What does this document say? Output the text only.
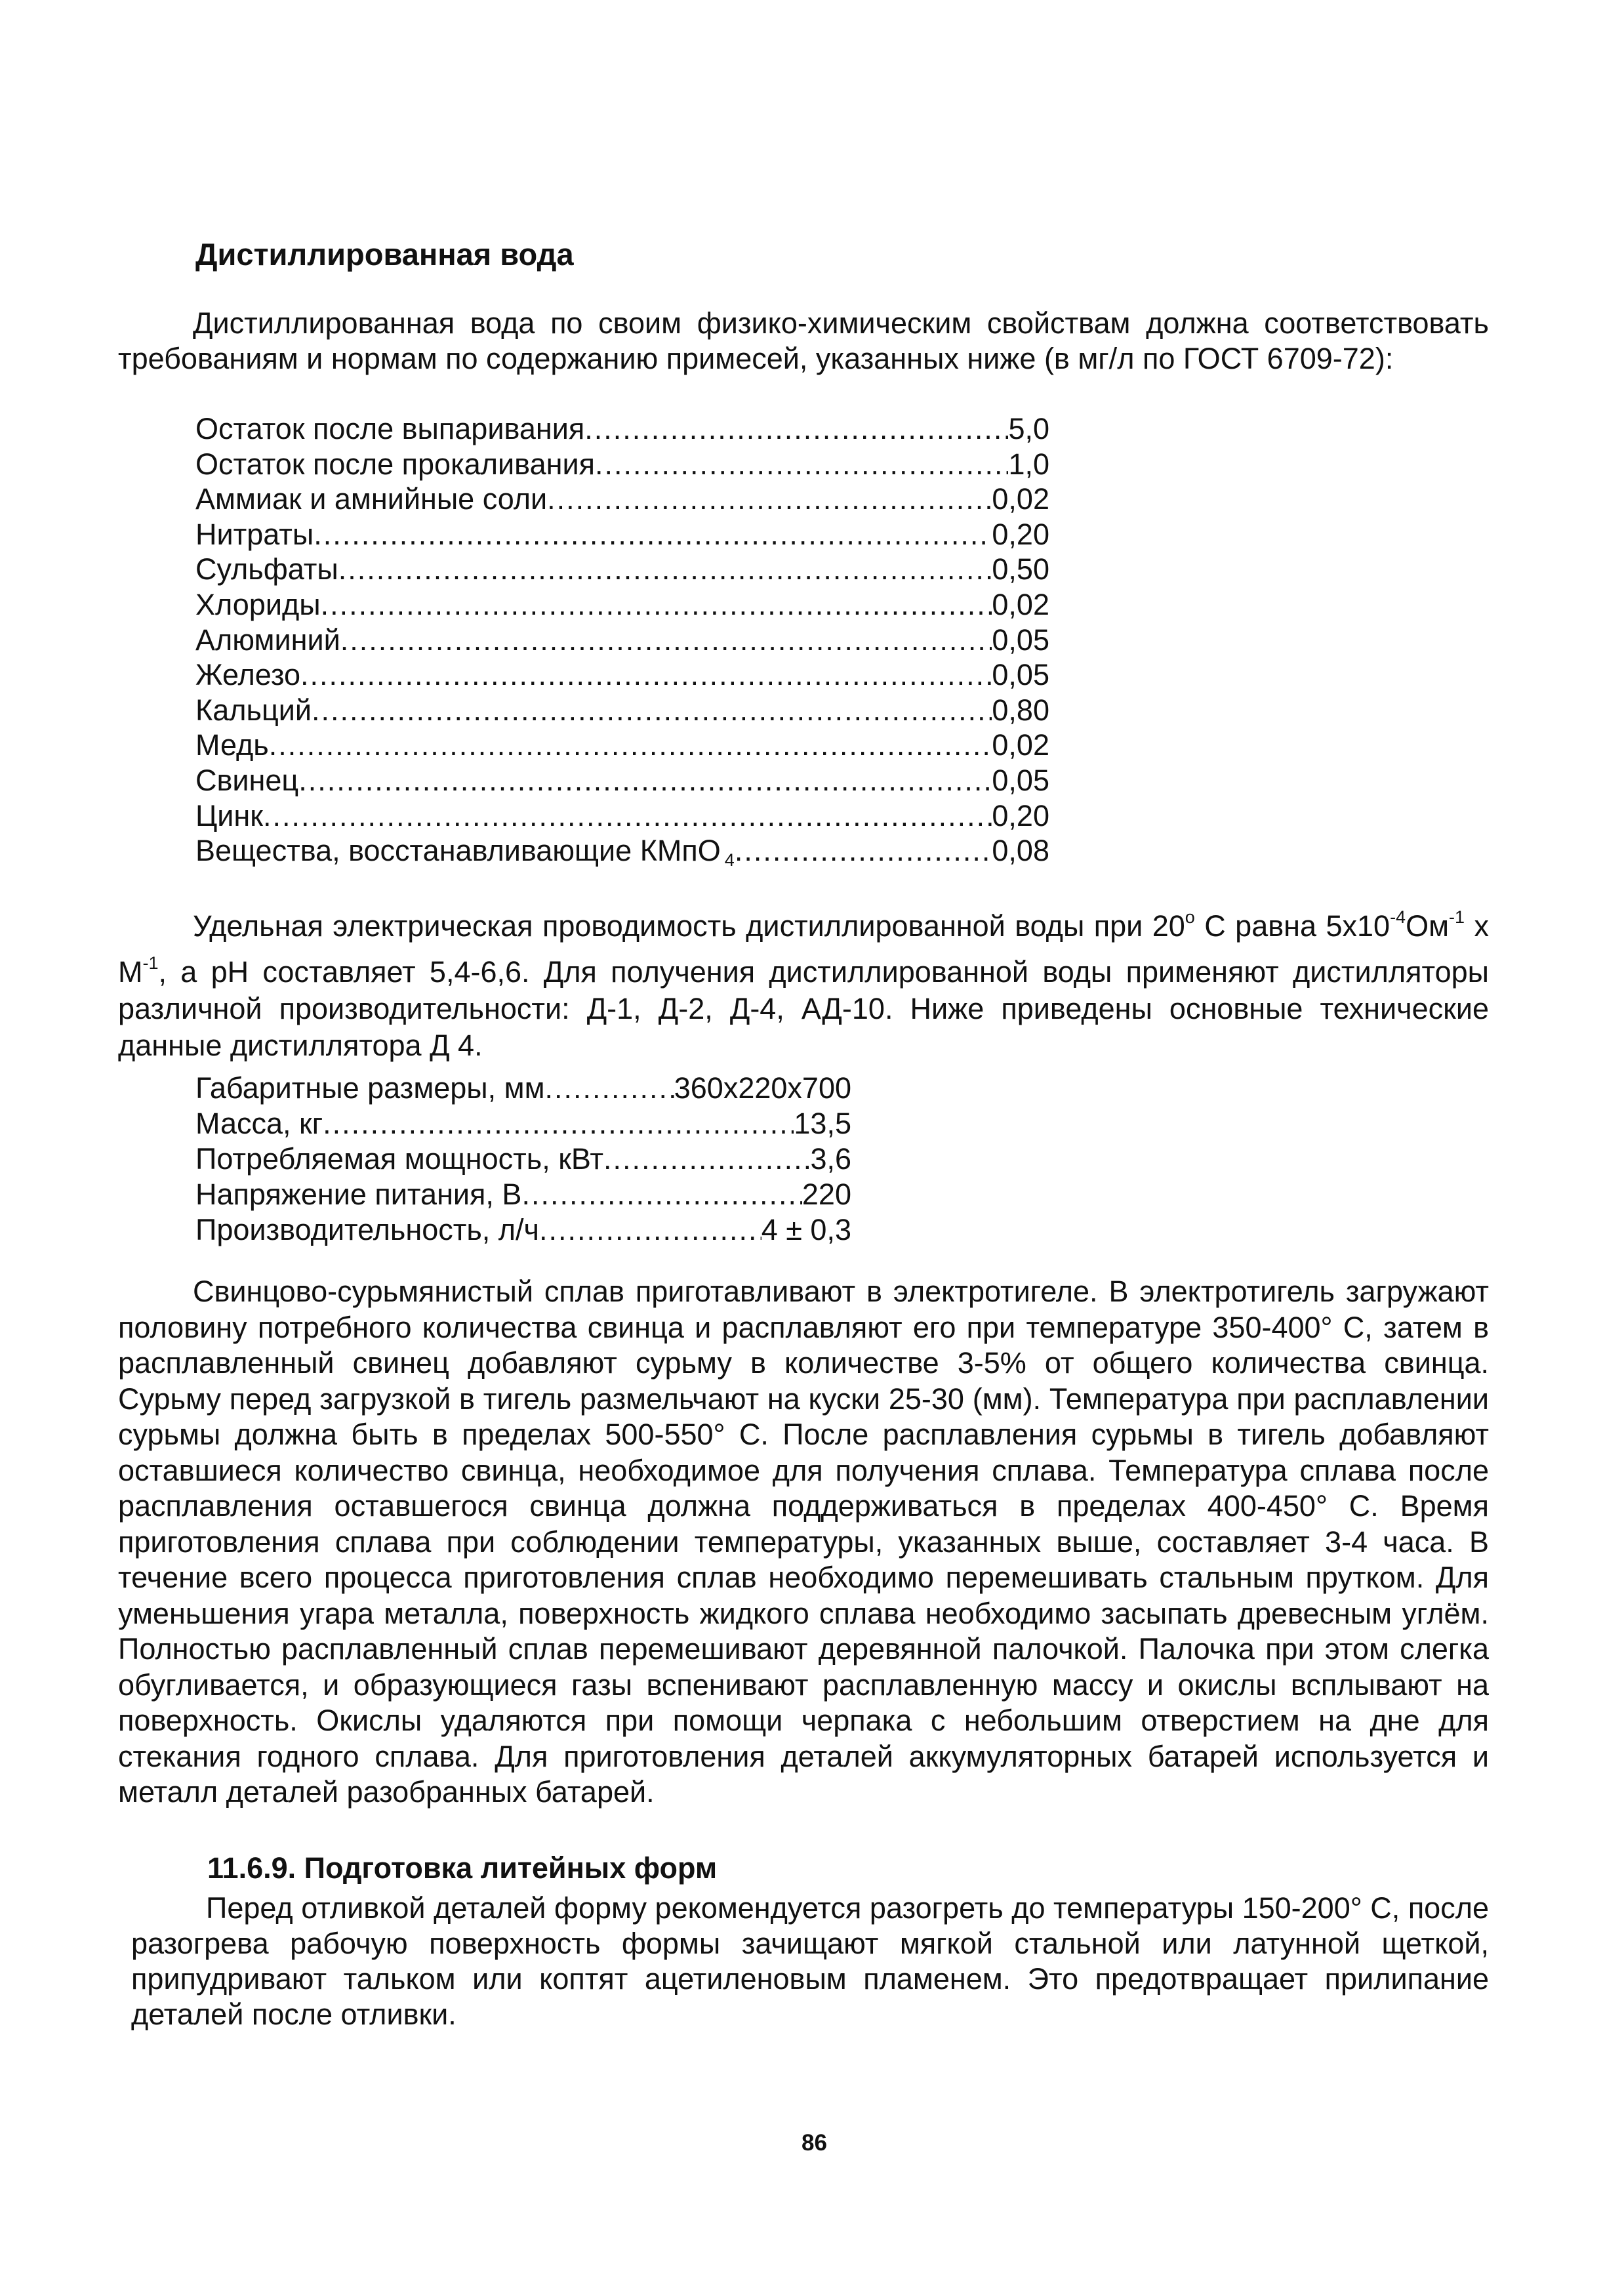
Дистиллированная вода

Дистиллированная вода по своим физико-химическим свойствам должна соответствовать требованиям и нормам по содержанию примесей, указанных ниже (в мг/л по ГОСТ 6709-72):

Остаток после выпаривания .....	5,0
Остаток после прокаливания .....	1,0
Аммиак и амнийные соли .....	0,02
Нитраты .....	0,20
Сульфаты .....	0,50
Хлориды .....	0,02
Алюминий .....	0,05
Железо .....	0,05
Кальций .....	0,80
Медь .....	0,02
Свинец .....	0,05
Цинк .....	0,20
Вещества, восстанавливающие КМпО $_4$ .....	0,08

Удельная электрическая проводимость дистиллированной воды при 20$^o$ С равна $5х10^{-4}Ом^{-1}$ х $М^{-1}$, а рН составляет 5,4-6,6. Для получения дистиллированной воды применяют дистилляторы различной производительности: Д-1, Д-2, Д-4, АД-10. Ниже приведены основные технические данные дистиллятора Д 4.

Габаритные размеры, мм .....	360х220х700
Масса, кг .....	13,5
Потребляемая мощность, кВт .....	3,6
Напряжение питания, В .....	220
Производительность, л/ч .....	4 ± 0,3

Свинцово-сурьмянистый сплав приготавливают в электротигеле. В электротигель загружают половину потребного количества свинца и расплавляют его при температуре 350-400° С, затем в расплавленный свинец добавляют сурьму в количестве 3-5% от общего количества свинца. Сурьму перед загрузкой в тигель размельчают на куски 25-30 (мм). Температура при расплавлении сурьмы должна быть в пределах 500-550° С. После расплавления сурьмы в тигель добавляют оставшиеся количество свинца, необходимое для получения сплава. Температура сплава после расплавления оставшегося свинца должна поддерживаться в пределах 400-450° С. Время приготовления сплава при соблюдении температуры, указанных выше, составляет 3-4 часа. В течение всего процесса приготовления сплав необходимо перемешивать стальным прутком. Для уменьшения угара металла, поверхность жидкого сплава необходимо засыпать древесным углём. Полностью расплавленный сплав перемешивают деревянной палочкой. Палочка при этом слегка обугливается, и образующиеся газы вспенивают расплавленную массу и окислы всплывают на поверхность. Окислы удаляются при помощи черпака с небольшим отверстием на дне для стекания годного сплава. Для приготовления деталей аккумуляторных батарей используется и металл деталей разобранных батарей.

11.6.9. Подготовка литейных форм

Перед отливкой деталей форму рекомендуется разогреть до температуры 150-200° С, после разогрева рабочую поверхность формы зачищают мягкой стальной или латунной щеткой, припудривают тальком или коптят ацетиленовым пламенем. Это предотвращает прилипание деталей после отливки.

86
